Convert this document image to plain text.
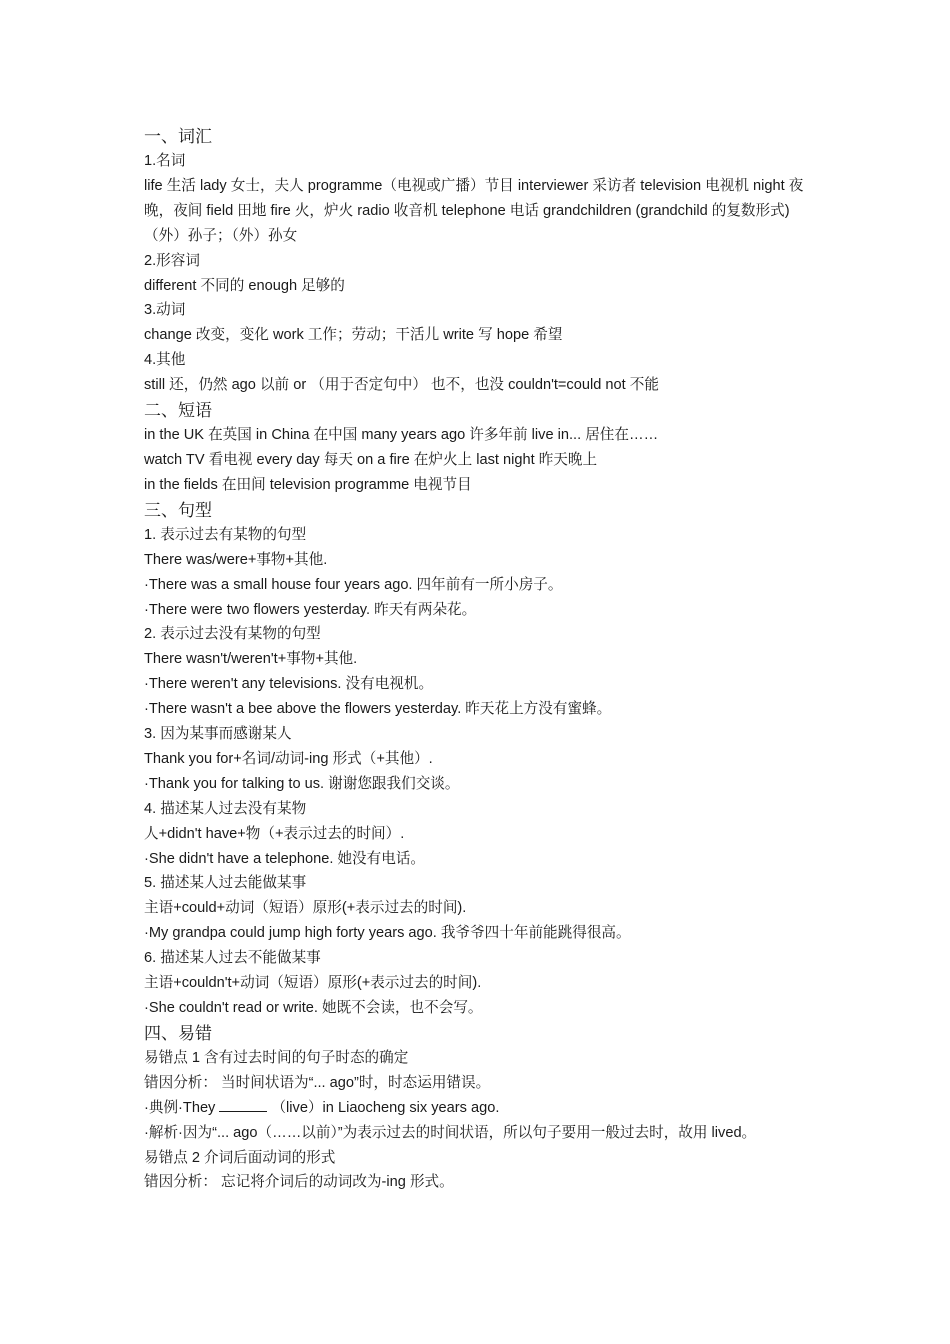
一、词汇
1.名词
life 生活 lady 女士，夫人 programme（电视或广播）节目 interviewer 采访者 television 电视机 night 夜晚，夜间 field 田地 fire 火，炉火 radio 收音机 telephone 电话 grandchildren (grandchild 的复数形式)（外）孙子；（外）孙女
2.形容词
different 不同的 enough 足够的
3.动词
change 改变，变化 work 工作；劳动；干活儿 write 写 hope 希望
4.其他
still 还，仍然 ago 以前 or （用于否定句中） 也不，也没 couldn't=could not 不能
二、短语
in the UK 在英国 in China 在中国 many years ago 许多年前 live in... 居住在……
watch TV 看电视 every day 每天 on a fire 在炉火上 last night 昨天晚上
in the fields 在田间 television programme 电视节目
三、句型
1. 表示过去有某物的句型
There was/were+事物+其他.
·There was a small house four years ago. 四年前有一所小房子。
·There were two flowers yesterday. 昨天有两朵花。
2. 表示过去没有某物的句型
There wasn't/weren't+事物+其他.
·There weren't any televisions. 没有电视机。
·There wasn't a bee above the flowers yesterday. 昨天花上方没有蜜蜂。
3. 因为某事而感谢某人
Thank you for+名词/动词-ing 形式（+其他）.
·Thank you for talking to us. 谢谢您跟我们交谈。
4. 描述某人过去没有某物
人+didn't have+物（+表示过去的时间）.
·She didn't have a telephone. 她没有电话。
5. 描述某人过去能做某事
主语+could+动词（短语）原形(+表示过去的时间).
·My grandpa could jump high forty years ago. 我爷爷四十年前能跳得很高。
6. 描述某人过去不能做某事
主语+couldn't+动词（短语）原形(+表示过去的时间).
·She couldn't read or write. 她既不会读，也不会写。
四、易错
易错点 1 含有过去时间的句子时态的确定
错因分析： 当时间状语为“... ago”时，时态运用错误。
·典例·They	（live）in Liaocheng six years ago.
·解析·因为“... ago（……以前）”为表示过去的时间状语，所以句子要用一般过去时，故用 lived。
易错点 2 介词后面动词的形式
错因分析： 忘记将介词后的动词改为-ing 形式。
